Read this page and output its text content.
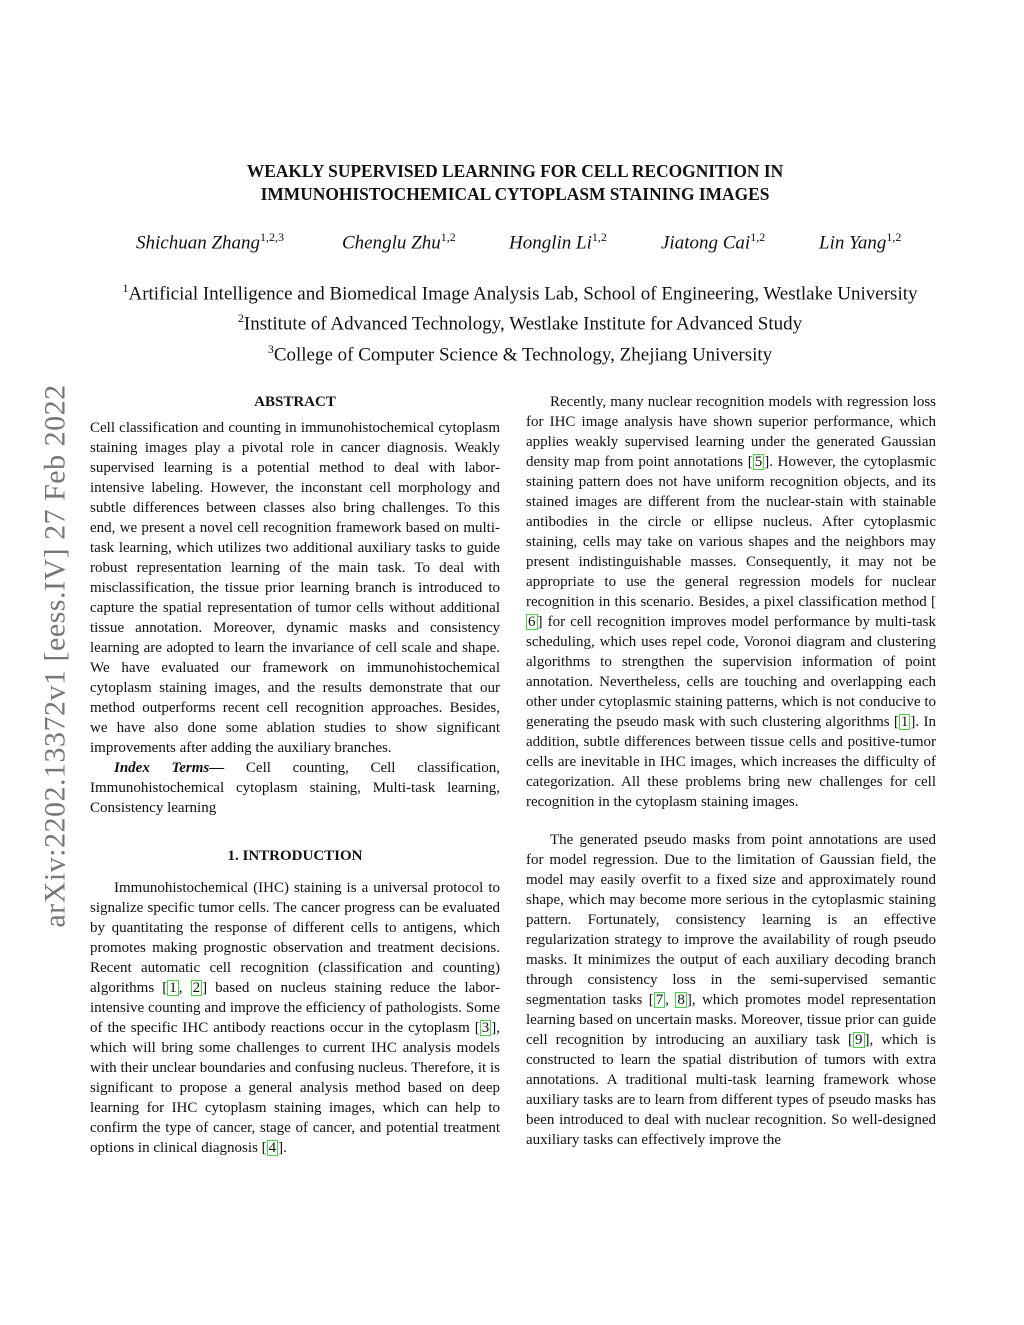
arXiv:2202.13372v1 [eess.IV] 27 Feb 2022
WEAKLY SUPERVISED LEARNING FOR CELL RECOGNITION IN
IMMUNOHISTOCHEMICAL CYTOPLASM STAINING IMAGES
Shichuan Zhang$^{1,2,3}$	Chenglu Zhu$^{1,2}$	Honglin Li$^{1,2}$	Jiatong Cai$^{1,2}$	Lin Yang$^{1,2}$
$^1$Artificial Intelligence and Biomedical Image Analysis Lab, School of Engineering, Westlake University
$^2$Institute of Advanced Technology, Westlake Institute for Advanced Study
$^3$College of Computer Science & Technology, Zhejiang University
ABSTRACT

Cell classification and counting in immunohistochemical cytoplasm staining images play a pivotal role in cancer diagnosis. Weakly supervised learning is a potential method to deal with labor-intensive labeling. However, the inconstant cell morphology and subtle differences between classes also bring challenges. To this end, we present a novel cell recognition framework based on multi-task learning, which utilizes two additional auxiliary tasks to guide robust representation learning of the main task. To deal with misclassification, the tissue prior learning branch is introduced to capture the spatial representation of tumor cells without additional tissue annotation. Moreover, dynamic masks and consistency learning are adopted to learn the invariance of cell scale and shape. We have evaluated our framework on immunohistochemical cytoplasm staining images, and the results demonstrate that our method outperforms recent cell recognition approaches. Besides, we have also done some ablation studies to show significant improvements after adding the auxiliary branches.

Index Terms— Cell counting, Cell classification, Immunohistochemical cytoplasm staining, Multi-task learning, Consistency learning

1. INTRODUCTION

Immunohistochemical (IHC) staining is a universal protocol to signalize specific tumor cells. The cancer progress can be evaluated by quantitating the response of different cells to antigens, which promotes making prognostic observation and treatment decisions. Recent automatic cell recognition (classification and counting) algorithms [ 1 , 2 ] based on nucleus staining reduce the labor-intensive counting and improve the efficiency of pathologists. Some of the specific IHC antibody reactions occur in the cytoplasm [ 3 ], which will bring some challenges to current IHC analysis models with their unclear boundaries and confusing nucleus. Therefore, it is significant to propose a general analysis method based on deep learning for IHC cytoplasm staining images, which can help to confirm the type of cancer, stage of cancer, and potential treatment options in clinical diagnosis [ 4 ].

Recently, many nuclear recognition models with regression loss for IHC image analysis have shown superior performance, which applies weakly supervised learning under the generated Gaussian density map from point annotations [ 5 ]. However, the cytoplasmic staining pattern does not have uniform recognition objects, and its stained images are different from the nuclear-stain with stainable antibodies in the circle or ellipse nucleus. After cytoplasmic staining, cells may take on various shapes and the neighbors may present indistinguishable masses. Consequently, it may not be appropriate to use the general regression models for nuclear recognition in this scenario. Besides, a pixel classification method [6 ] for cell recognition improves model performance by multi-task scheduling, which uses repel code, Voronoi diagram and clustering algorithms to strengthen the supervision information of point annotation. Nevertheless, cells are touching and overlapping each other under cytoplasmic staining patterns, which is not conducive to generating the pseudo mask with such clustering algorithms [ 1 ]. In addition, subtle differences between tissue cells and positive-tumor cells are inevitable in IHC images, which increases the difficulty of categorization. All these problems bring new challenges for cell recognition in the cytoplasm staining images.

The generated pseudo masks from point annotations are used for model regression. Due to the limitation of Gaussian field, the model may easily overfit to a fixed size and approximately round shape, which may become more serious in the cytoplasmic staining pattern. Fortunately, consistency learning is an effective regularization strategy to improve the availability of rough pseudo masks. It minimizes the output of each auxiliary decoding branch through consistency loss in the semi-supervised semantic segmentation tasks [ 7 , 8 ], which promotes model representation learning based on uncertain masks. Moreover, tissue prior can guide cell recognition by introducing an auxiliary task [ 9 ], which is constructed to learn the spatial distribution of tumors with extra annotations. A traditional multi-task learning framework whose auxiliary tasks are to learn from different types of pseudo masks has been introduced to deal with nuclear recognition. So well-designed auxiliary tasks can effectively improve the
